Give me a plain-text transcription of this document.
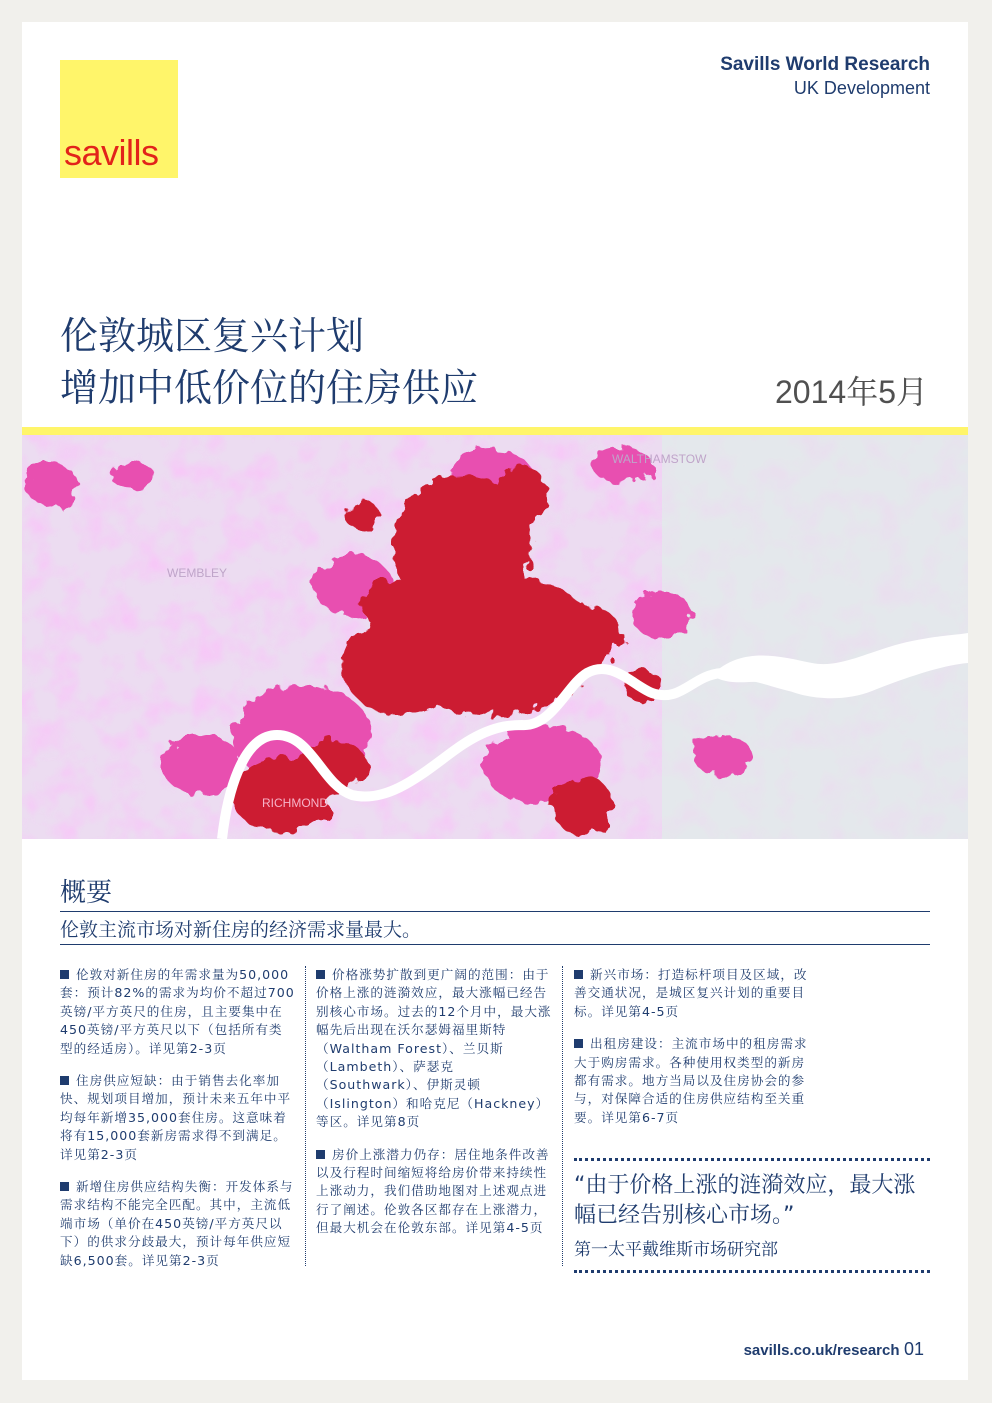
savills
Savills World Research
UK Development
伦敦城区复兴计划
增加中低价位的住房供应	2014年5月
WALTHAMSTOW
WEMBLEY
RICHMOND
概要
伦敦主流市场对新住房的经济需求量最大。

伦敦对新住房的年需求量为50,000套：预计82%的需求为均价不超过700英镑/平方英尺的住房，且主要集中在450英镑/平方英尺以下（包括所有类型的经适房）。详见第2-3页

住房供应短缺：由于销售去化率加快、规划项目增加，预计未来五年中平均每年新增35,000套住房。这意味着将有15,000套新房需求得不到满足。详见第2-3页

新增住房供应结构失衡：开发体系与需求结构不能完全匹配。其中，主流低端市场（单价在450英镑/平方英尺以下）的供求分歧最大，预计每年供应短缺6,500套。详见第2-3页

价格涨势扩散到更广阔的范围：由于价格上涨的涟漪效应，最大涨幅已经告别核心市场。过去的12个月中，最大涨幅先后出现在沃尔瑟姆福里斯特（Waltham Forest）、兰贝斯（Lambeth）、萨瑟克（Southwark）、伊斯灵顿（Islington）和哈克尼（Hackney）等区。详见第8页

房价上涨潜力仍存：居住地条件改善以及行程时间缩短将给房价带来持续性上涨动力，我们借助地图对上述观点进行了阐述。伦敦各区都存在上涨潜力，但最大机会在伦敦东部。详见第4-5页

新兴市场：打造标杆项目及区域，改善交通状况，是城区复兴计划的重要目标。详见第4-5页

出租房建设：主流市场中的租房需求大于购房需求。各种使用权类型的新房都有需求。地方当局以及住房协会的参与，对保障合适的住房供应结构至关重要。详见第6-7页

“由于价格上涨的涟漪效应，最大涨幅已经告别核心市场。”
第一太平戴维斯市场研究部
savills.co.uk/research 01
